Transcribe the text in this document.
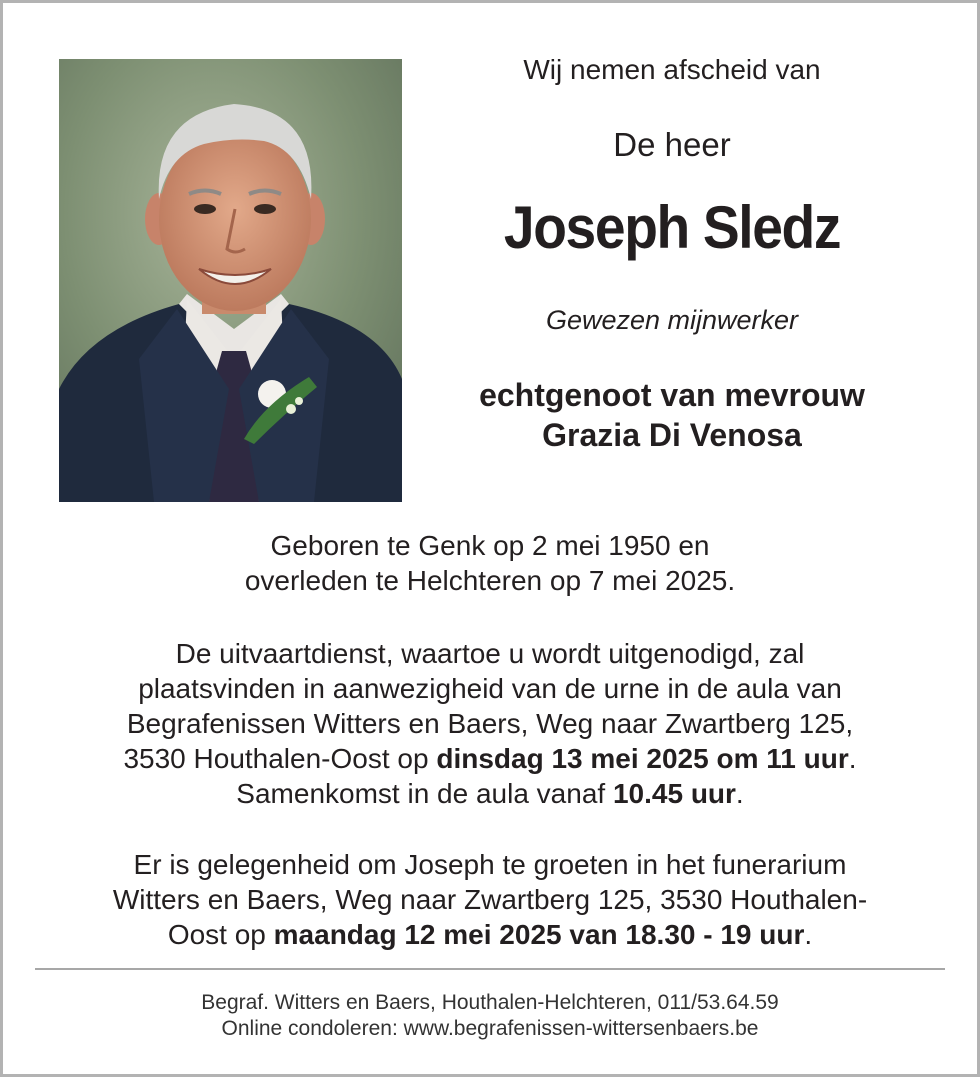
Wij nemen afscheid van
De heer
Joseph Sledz
Gewezen mijnwerker
echtgenoot van mevrouw
Grazia Di Venosa
Geboren te Genk op 2 mei 1950 en
overleden te Helchteren op 7 mei 2025.
De uitvaartdienst, waartoe u wordt uitgenodigd, zal
plaatsvinden in aanwezigheid van de urne in de aula van
Begrafenissen Witters en Baers, Weg naar Zwartberg 125,
3530 Houthalen-Oost op dinsdag 13 mei 2025 om 11 uur.
Samenkomst in de aula vanaf 10.45 uur.
Er is gelegenheid om Joseph te groeten in het funerarium
Witters en Baers, Weg naar Zwartberg 125, 3530 Houthalen-
Oost op maandag 12 mei 2025 van 18.30 - 19 uur.
Begraf. Witters en Baers, Houthalen-Helchteren, 011/53.64.59
Online condoleren: www.begrafenissen-wittersenbaers.be
